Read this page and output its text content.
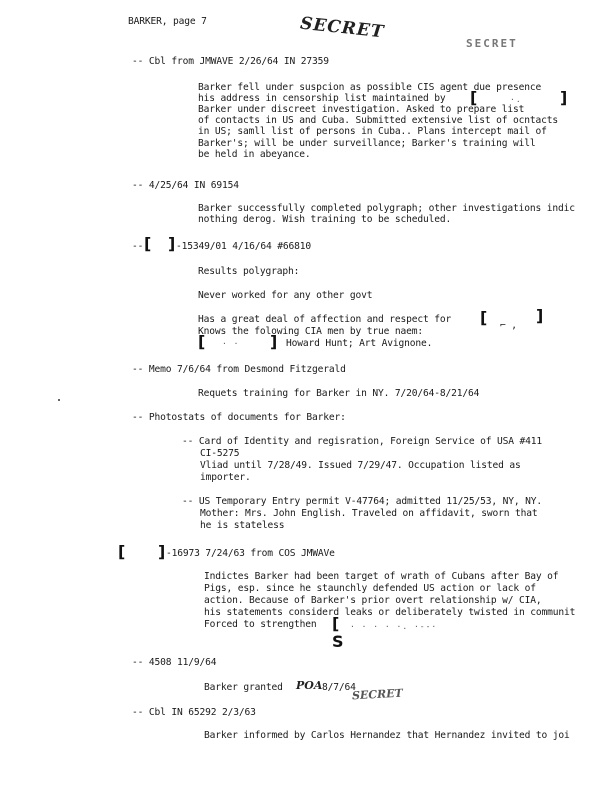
BARKER, page 7	SECRET
SECRET
-- Cbl from JMWAVE 2/26/64 IN 27359
Barker fell under suspcion as possible CIS agent due presence
his address in censorship list maintained by [	·. ]
Barker under discreet investigation. Asked to prepare list
of contacts in US and Cuba. Submitted extensive list of ocntacts
in US; samll list of persons in Cuba.. Plans intercept mail of
Barker's; will be under surveillance; Barker's training will
be held in abeyance.
-- 4/25/64 IN 69154
Barker successfully completed polygraph; other investigations indic
nothing derog. Wish training to be scheduled.
-- [ ] -15349/01 4/16/64 #66810
Results polygraph:
Never worked for any other govt
Has a great deal of affection and respect for [ ⌐ ,
]
Knows the folowing CIA men by true naem:
[ · · ] Howard Hunt; Art Avignone.
-- Memo 7/6/64 from Desmond Fitzgerald
Requets training for Barker in NY. 7/20/64-8/21/64
-- Photostats of documents for Barker:
-- Card of Identity and regisration, Foreign Service of USA #411
CI-5275
Vliad until 7/28/49. Issued 7/29/47. Occupation listed as
importer.
-- US Temporary Entry permit V-47764; admitted 11/25/53, NY, NY.
Mother: Mrs. John English. Traveled on affidavit, sworn that
he is stateless
[ ] -16973 7/24/63 from COS JMWAVe
Indictes Barker had been target of wrath of Cubans after Bay of
Pigs, esp. since he staunchly defended US action or lack of
action. Because of Barker's prior overt relationship w/ CIA,
his statements considerd leaks or deliberately twisted in communit
Forced to strengthen [ · · · · ·. ·--·
S
-- 4508 11/9/64
Barker granted POA 8/7/64
SECRET
-- Cbl IN 65292 2/3/63
Barker informed by Carlos Hernandez that Hernandez invited to joi
